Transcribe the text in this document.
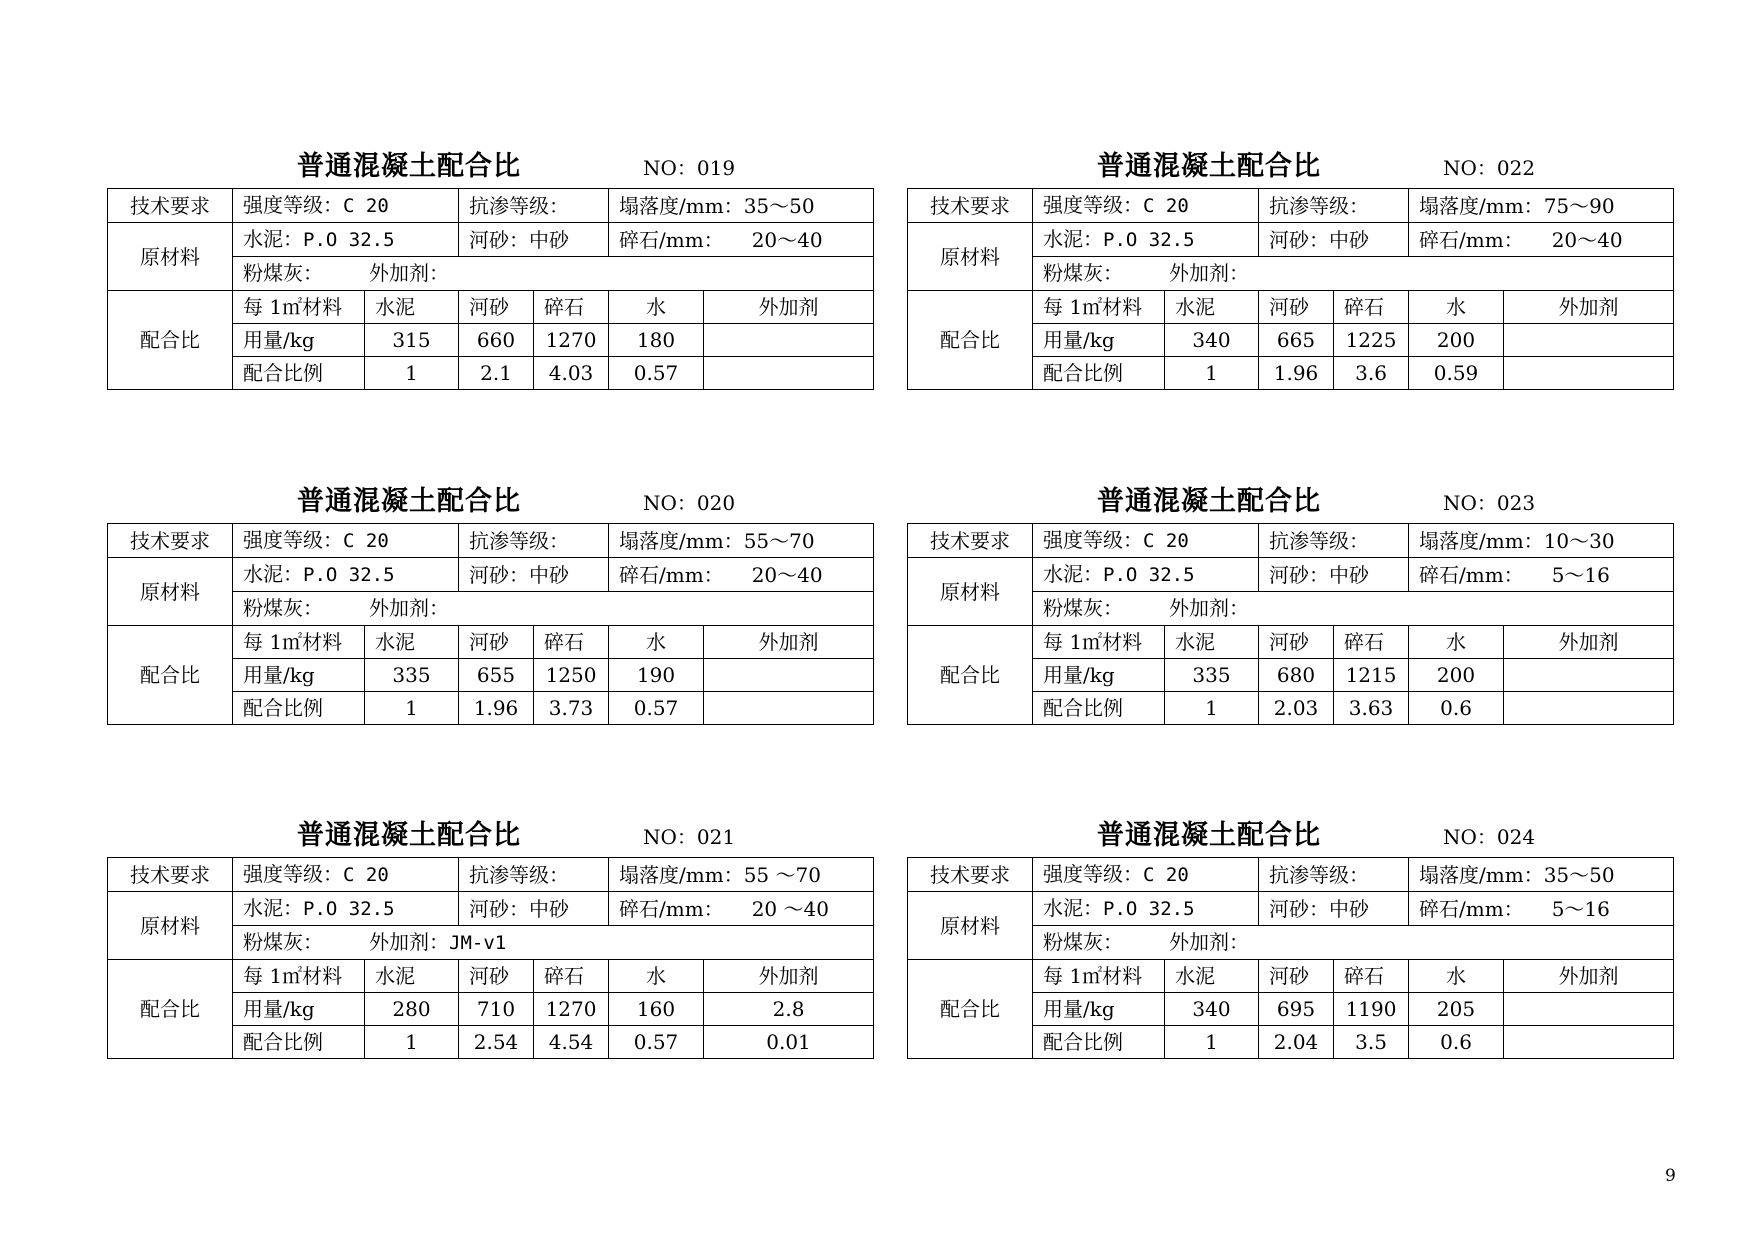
普通混凝土配合比	NO：019
技术要求	强度等级：C 20		抗渗等级：		塌落度/mm：35～50		
原材料	水泥：P.O 32.5		河砂：中砂		碎石/mm： 20～40		
	粉煤灰： 外加剂：						
配合比	每 1㎡材料	水泥	河砂	碎石	水	外加剂	
	用量/kg	315	660	1270	180		
	配合比例	1	2.1	4.03	0.57		
普通混凝土配合比	NO：022
技术要求	强度等级：C 20		抗渗等级：		塌落度/mm：75～90		
原材料	水泥：P.O 32.5		河砂：中砂		碎石/mm： 20～40		
	粉煤灰： 外加剂：						
配合比	每 1㎡材料	水泥	河砂	碎石	水	外加剂	
	用量/kg	340	665	1225	200		
	配合比例	1	1.96	3.6	0.59		
普通混凝土配合比	NO：020
技术要求	强度等级：C 20		抗渗等级：		塌落度/mm：55～70		
原材料	水泥：P.O 32.5		河砂：中砂		碎石/mm： 20～40		
	粉煤灰： 外加剂：						
配合比	每 1㎡材料	水泥	河砂	碎石	水	外加剂	
	用量/kg	335	655	1250	190		
	配合比例	1	1.96	3.73	0.57		
普通混凝土配合比	NO：023
技术要求	强度等级：C 20		抗渗等级：		塌落度/mm：10～30		
原材料	水泥：P.O 32.5		河砂：中砂		碎石/mm： 5～16		
	粉煤灰： 外加剂：						
配合比	每 1㎡材料	水泥	河砂	碎石	水	外加剂	
	用量/kg	335	680	1215	200		
	配合比例	1	2.03	3.63	0.6		
普通混凝土配合比	NO：021
技术要求	强度等级：C 20		抗渗等级：		塌落度/mm：55 ～70		
原材料	水泥：P.O 32.5		河砂：中砂		碎石/mm： 20 ～40		
	粉煤灰： 外加剂：JM-v1						
配合比	每 1㎡材料	水泥	河砂	碎石	水	外加剂	
	用量/kg	280	710	1270	160	2.8	
	配合比例	1	2.54	4.54	0.57	0.01	
普通混凝土配合比	NO：024
技术要求	强度等级：C 20		抗渗等级：		塌落度/mm：35～50		
原材料	水泥：P.O 32.5		河砂：中砂		碎石/mm： 5～16		
	粉煤灰： 外加剂：						
配合比	每 1㎡材料	水泥	河砂	碎石	水	外加剂	
	用量/kg	340	695	1190	205		
	配合比例	1	2.04	3.5	0.6		
9
